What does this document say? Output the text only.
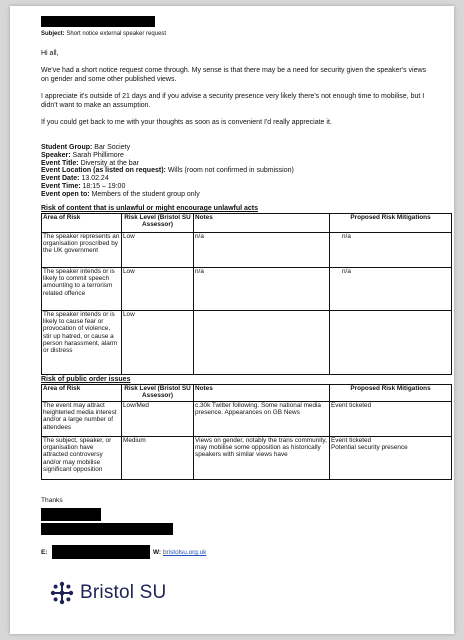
Subject: Short notice external speaker request
Hi all,
We've had a short notice request come through. My sense is that there may be a need for security given the speaker's views on gender and some other published views.
I appreciate it's outside of 21 days and if you advise a security presence very likely there's not enough time to mobilise, but I didn't want to make an assumption.
If you could get back to me with your thoughts as soon as is convenient I'd really appreciate it.
Student Group: Bar Society
Speaker: Sarah Phillimore
Event Title: Diversity at the bar
Event Location (as listed on request): Wills (room not confirmed in submission)
Event Date: 13.02.24
Event Time: 18:15 – 19:00
Event open to: Members of the student group only
Risk of content that is unlawful or might encourage unlawful acts
Area of Risk	Risk Level (Bristol SU Assessor)	Notes	Proposed Risk Mitigations
The speaker represents an organisation proscribed by the UK government	Low	n/a	n/a
The speaker intends or is likely to commit speech amounting to a terrorism related offence	Low	n/a	n/a
The speaker intends or is likely to cause fear or provocation of violence, stir up hatred, or cause a person harassment, alarm or distress	Low		
Risk of public order issues
Area of Risk	Risk Level (Bristol SU Assessor)	Notes	Proposed Risk Mitigations
The event may attract heightened media interest and/or a large number of attendees	Low/Med	c.30k Twitter following. Some national media presence. Appearances on GB News	Event ticketed
The subject, speaker, or organisation have attracted controversy and/or may mobilise significant opposition	Medium	Views on gender, notably the trans community, may mobilise some opposition as historically speakers with similar views have	Event ticketed
Potential security presence
Thanks
E:	W: bristolsu.org.uk
Bristol SU
